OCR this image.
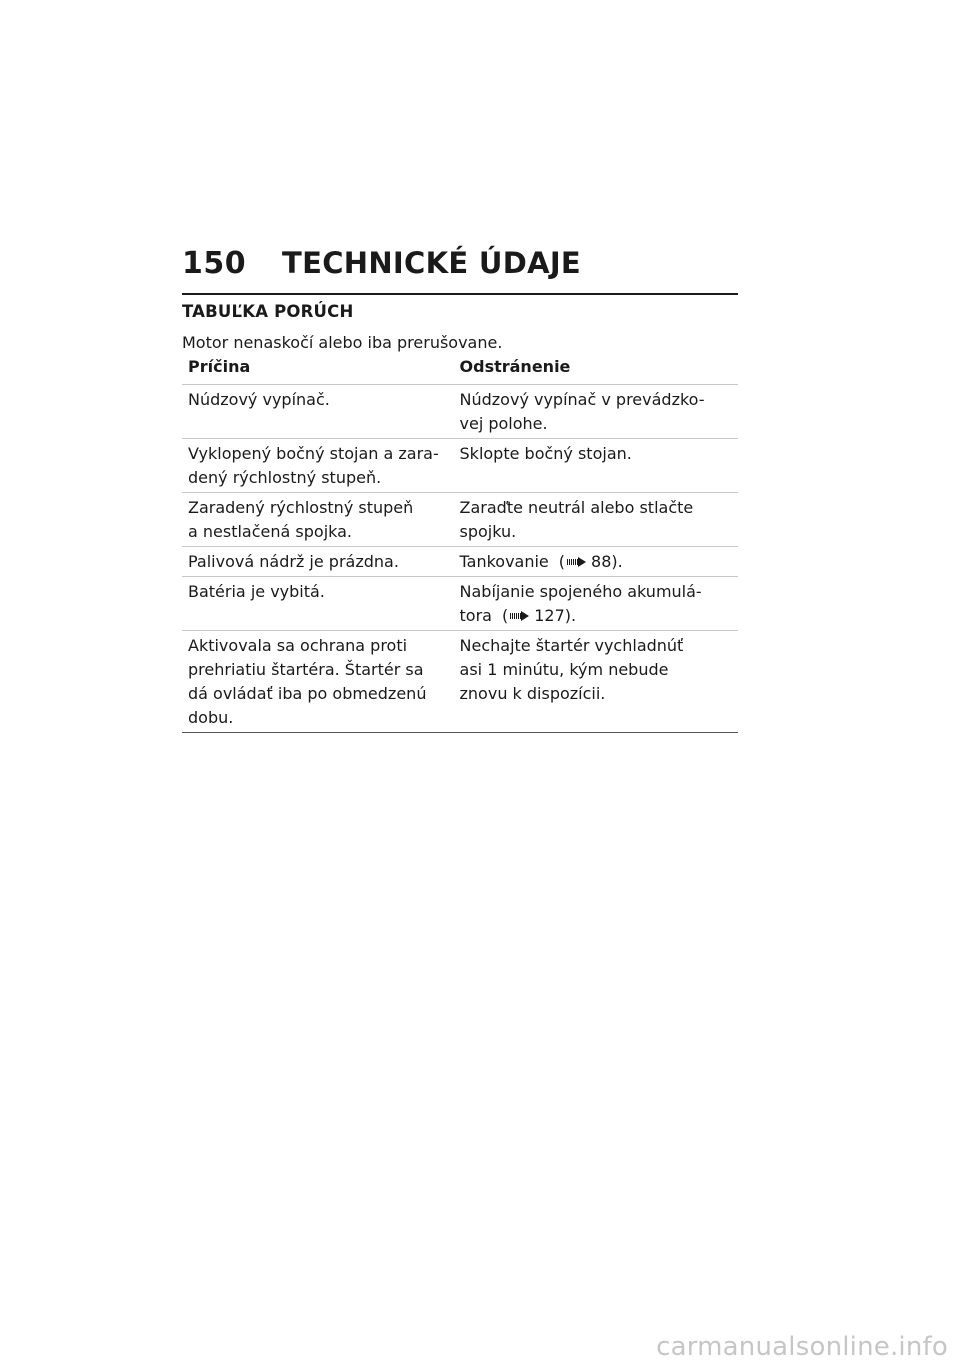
150	TECHNICKÉ ÚDAJE
TABUĽKA PORÚCH
Motor nenaskočí alebo iba prerušovane.
Príčina	Odstránenie
Núdzový vypínač.	Núdzový vypínač v prevádzko-
vej polohe.
Vyklopený bočný stojan a zara-
dený rýchlostný stupeň.	Sklopte bočný stojan.
Zaradený rýchlostný stupeň
a nestlačená spojka.	Zaraďte neutrál alebo stlačte
spojku.
Palivová nádrž je prázdna.	Tankovanie ( 88).
Batéria je vybitá.	Nabíjanie spojeného akumulá-
tora ( 127).
Aktivovala sa ochrana proti
prehriatiu štartéra. Štartér sa
dá ovládať iba po obmedzenú
dobu.	Nechajte štartér vychladnúť
asi 1 minútu, kým nebude
znovu k dispozícii.
carmanualsonline.info
